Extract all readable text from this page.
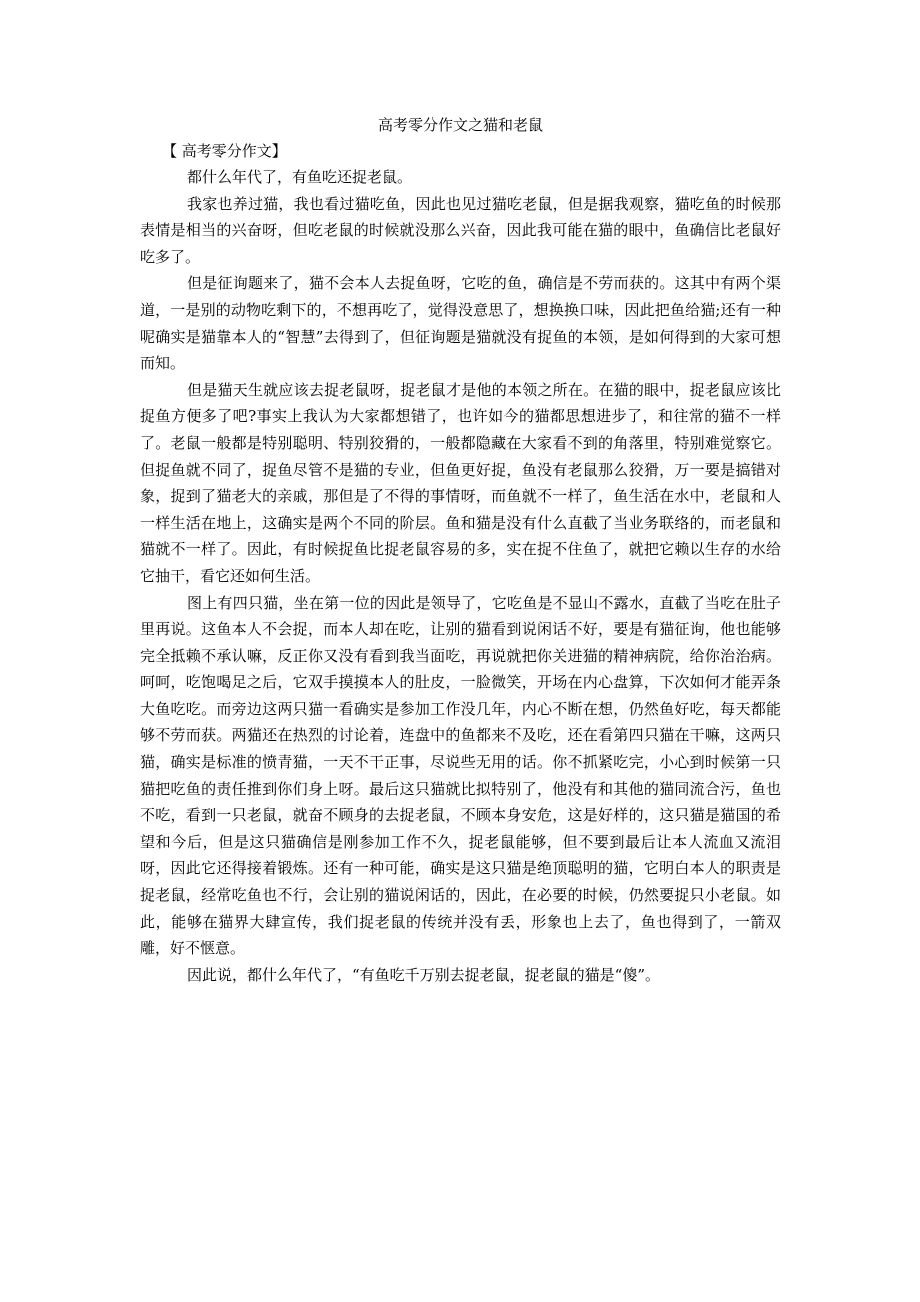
高考零分作文之猫和老鼠
【 高考零分作文】

都什么年代了，有鱼吃还捉老鼠。

我家也养过猫，我也看过猫吃鱼，因此也见过猫吃老鼠，但是据我观察，猫吃鱼的时候那表情是相当的兴奋呀，但吃老鼠的时候就没那么兴奋，因此我可能在猫的眼中，鱼确信比老鼠好吃多了。

但是征询题来了，猫不会本人去捉鱼呀，它吃的鱼，确信是不劳而获的。这其中有两个渠道，一是别的动物吃剩下的，不想再吃了，觉得没意思了，想换换口味，因此把鱼给猫;还有一种呢确实是猫靠本人的“智慧”去得到了，但征询题是猫就没有捉鱼的本领，是如何得到的大家可想而知。

但是猫天生就应该去捉老鼠呀，捉老鼠才是他的本领之所在。在猫的眼中，捉老鼠应该比捉鱼方便多了吧?事实上我认为大家都想错了，也许如今的猫都思想进步了，和往常的猫不一样了。老鼠一般都是特别聪明、特别狡猾的，一般都隐藏在大家看不到的角落里，特别难觉察它。但捉鱼就不同了，捉鱼尽管不是猫的专业，但鱼更好捉，鱼没有老鼠那么狡猾，万一要是搞错对象，捉到了猫老大的亲戚，那但是了不得的事情呀，而鱼就不一样了，鱼生活在水中，老鼠和人一样生活在地上，这确实是两个不同的阶层。鱼和猫是没有什么直截了当业务联络的，而老鼠和猫就不一样了。因此，有时候捉鱼比捉老鼠容易的多，实在捉不住鱼了，就把它赖以生存的水给它抽干，看它还如何生活。

图上有四只猫，坐在第一位的因此是领导了，它吃鱼是不显山不露水，直截了当吃在肚子里再说。这鱼本人不会捉，而本人却在吃，让别的猫看到说闲话不好，要是有猫征询，他也能够完全抵赖不承认嘛，反正你又没有看到我当面吃，再说就把你关进猫的精神病院，给你治治病。呵呵，吃饱喝足之后，它双手摸摸本人的肚皮，一脸微笑，开场在内心盘算，下次如何才能弄条大鱼吃吃。而旁边这两只猫一看确实是参加工作没几年，内心不断在想，仍然鱼好吃，每天都能够不劳而获。两猫还在热烈的讨论着，连盘中的鱼都来不及吃，还在看第四只猫在干嘛，这两只猫，确实是标准的愤青猫，一天不干正事，尽说些无用的话。你不抓紧吃完，小心到时候第一只猫把吃鱼的责任推到你们身上呀。最后这只猫就比拟特别了，他没有和其他的猫同流合污，鱼也不吃，看到一只老鼠，就奋不顾身的去捉老鼠，不顾本身安危，这是好样的，这只猫是猫国的希望和今后，但是这只猫确信是刚参加工作不久，捉老鼠能够，但不要到最后让本人流血又流泪呀，因此它还得接着锻炼。还有一种可能，确实是这只猫是绝顶聪明的猫，它明白本人的职责是捉老鼠，经常吃鱼也不行，会让别的猫说闲话的，因此，在必要的时候，仍然要捉只小老鼠。如此，能够在猫界大肆宣传，我们捉老鼠的传统并没有丢，形象也上去了，鱼也得到了，一箭双雕，好不惬意。

因此说，都什么年代了，“有鱼吃千万别去捉老鼠，捉老鼠的猫是“傻”。
